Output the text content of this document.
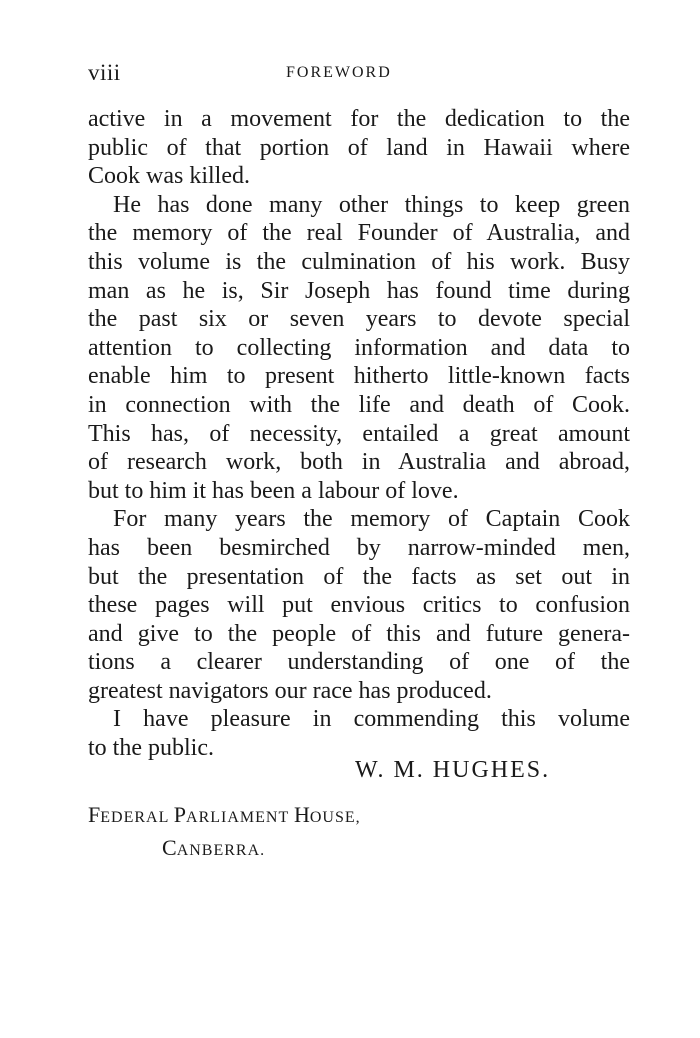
viii	FOREWORD
active in a movement for the dedication to the
public of that portion of land in Hawaii where
Cook was killed.
He has done many other things to keep green
the memory of the real Founder of Australia, and
this volume is the culmination of his work. Busy
man as he is, Sir Joseph has found time during
the past six or seven years to devote special
attention to collecting information and data to
enable him to present hitherto little-known facts
in connection with the life and death of Cook.
This has, of necessity, entailed a great amount
of research work, both in Australia and abroad,
but to him it has been a labour of love.
For many years the memory of Captain Cook
has been besmirched by narrow-minded men,
but the presentation of the facts as set out in
these pages will put envious critics to confusion
and give to the people of this and future genera-
tions a clearer understanding of one of the
greatest navigators our race has produced.
I have pleasure in commending this volume
to the public.
W. M. HUGHES.
FEDERAL PARLIAMENT HOUSE,
CANBERRA.
